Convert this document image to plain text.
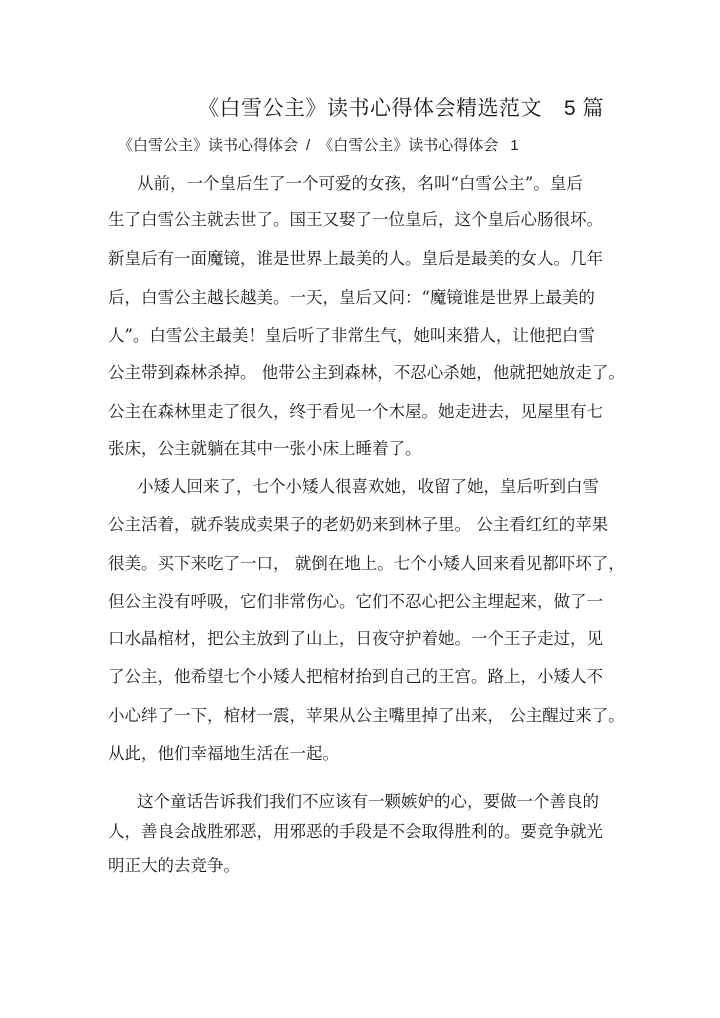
《白雪公主》读书心得体会精选范文 5 篇
《白雪公主》读书心得体会 / 《白雪公主》读书心得体会 1
从前，一个皇后生了一个可爱的女孩，名叫“白雪公主”。皇后
生了白雪公主就去世了。国王又娶了一位皇后，这个皇后心肠很坏。
新皇后有一面魔镜，谁是世界上最美的人。皇后是最美的女人。几年
后，白雪公主越长越美。一天，皇后又问：“魔镜谁是世界上最美的
人”。白雪公主最美！皇后听了非常生气，她叫来猎人，让他把白雪
公主带到森林杀掉。 他带公主到森林，不忍心杀她，他就把她放走了。
公主在森林里走了很久，终于看见一个木屋。她走进去，见屋里有七
张床，公主就躺在其中一张小床上睡着了。
小矮人回来了，七个小矮人很喜欢她，收留了她，皇后听到白雪
公主活着，就乔装成卖果子的老奶奶来到林子里。 公主看红红的苹果
很美。买下来吃了一口， 就倒在地上。七个小矮人回来看见都吓坏了，
但公主没有呼吸，它们非常伤心。它们不忍心把公主埋起来，做了一
口水晶棺材，把公主放到了山上，日夜守护着她。一个王子走过，见
了公主，他希望七个小矮人把棺材抬到自己的王宫。路上，小矮人不
小心绊了一下，棺材一震，苹果从公主嘴里掉了出来， 公主醒过来了。
从此，他们幸福地生活在一起。
这个童话告诉我们我们不应该有一颗嫉妒的心，要做一个善良的
人，善良会战胜邪恶，用邪恶的手段是不会取得胜利的。要竞争就光
明正大的去竞争。
